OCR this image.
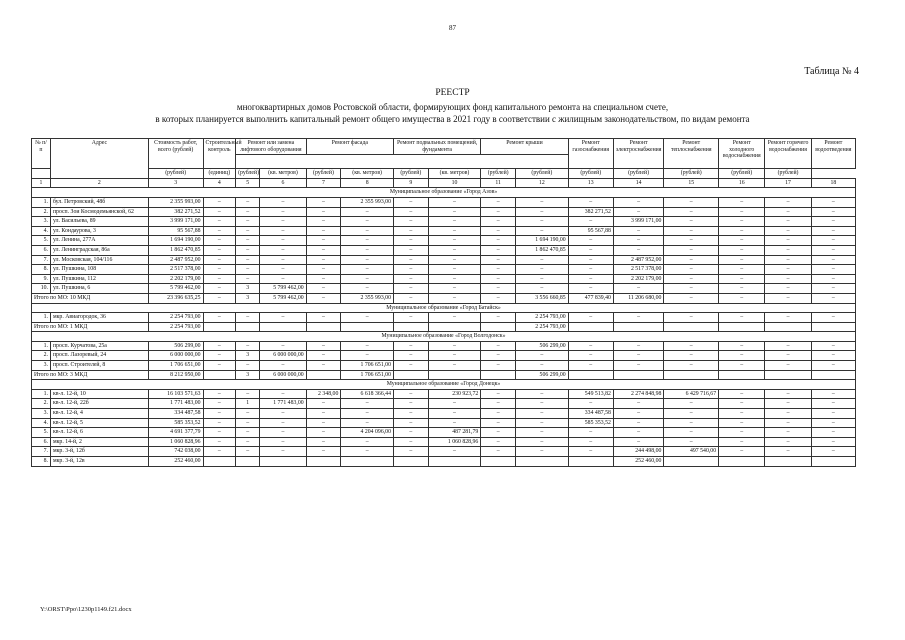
87
Таблица № 4
РЕЕСТР
многоквартирных домов Ростовской области, формирующих фонд капитального ремонта на специальном счете,
в которых планируется выполнить капитальный ремонт общего имущества в 2021 году в соответствии с жилищным законодательством, по видам ремонта
№ п/п	Адрес	Стоимость работ, всего (рублей)	Строительный контроль	Ремонт или замена лифтового оборудования		Ремонт фасада		Ремонт подвальных помещений, фундамента		Ремонт крыши		Ремонт газоснабжения	Ремонт электроснабжения	Ремонт теплоснабжения	Ремонт холодного водоснабжения	Ремонт горячего водоснабжения	Ремонт водоотведения

		(рублей)	(единиц)	(рублей)	(кв. метров)	(рублей)	(кв. метров)	(рублей)	(кв. метров)	(рублей)	(рублей)	(рублей)	(рублей)	(рублей)	(рублей)	(рублей)	
1	2	3	4	5	6	7	8	9	10	11	12	13	14	15	16	17	18
Муниципальное образование «Город Азов»																	
1.	бул. Петровский, 48б	2 355 993,00	–	–	–	–	2 355 993,00	–	–	–	–	–	–	–	–	–	–
2.	просп. Зои Космодемьянской, 62	382 271,52	–	–	–	–	–	–	–	–	–	382 271,52	–	–	–	–	–
3.	ул. Васильева, 89	3 999 171,00	–	–	–	–	–	–	–	–	–	–	3 999 171,00	–	–	–	–
4.	ул. Кондаурова, 3	95 567,88	–	–	–	–	–	–	–	–	–	95 567,88	–	–	–	–	–
5.	ул. Ленина, 277А	1 694 190,00	–	–	–	–	–	–	–	–	1 694 190,00	–	–	–	–	–	–
6.	ул. Ленинградская, 86а	1 862 470,85	–	–	–	–	–	–	–	–	1 862 470,85	–	–	–	–	–	–
7.	ул. Московская, 104/116	2 487 952,00	–	–	–	–	–	–	–	–	–	–	2 487 952,00	–	–	–	–
8.	ул. Пушкина, 108	2 517 378,00	–	–	–	–	–	–	–	–	–	–	2 517 378,00	–	–	–	–
9.	ул. Пушкина, 112	2 202 179,00	–	–	–	–	–	–	–	–	–	–	2 202 179,00	–	–	–	–
10.	ул. Пушкина, 6	5 799 462,00	–	3	5 799 462,00	–	–	–	–	–	–	–	–	–	–	–	–
Итого по МО: 10 МКД		23 396 635,25	–	3	5 799 462,00	–	2 355 993,00	–	–	–	3 556 660,85	477 839,40	11 206 680,00	–	–	–	–
Муниципальное образование «Город Батайск»																	
1.	мкр. Авиагородок, 36	2 254 793,00	–	–	–	–	–	–	–	–	2 254 793,00	–	–	–	–	–	–
Итого по МО: 1 МКД		2 254 793,00									2 254 793,00						
Муниципальное образование «Город Волгодонск»																	
1.	просп. Курчатова, 25а	506 299,00	–	–	–	–	–	–	–	–	506 299,00	–	–	–	–	–	–
2.	просп. Лазоревый, 24	6 000 000,00	–	3	6 000 000,00	–	–	–	–	–	–	–	–	–	–	–	–
3.	просп. Строителей, 8	1 706 651,00	–	–	–	–	1 706 651,00	–	–	–	–	–	–	–	–	–	–
Итого по МО: 3 МКД		8 212 950,00		3	6 000 000,00		1 706 651,00				506 299,00						
Муниципальное образование «Город Донецк»																	
1.	кв-л. 12-й, 10	16 103 571,63	–	–	–	2 348,00	6 618 366,44	–	230 923,72	–	–	549 513,82	2 274 848,98	6 429 716,67	–	–	–
2.	кв-л. 12-й, 22б	1 771 483,00	–	1	1 771 483,00	–	–	–	–	–	–	–	–	–	–	–	–
3.	кв-л. 12-й, 4	334 487,58	–	–	–	–	–	–	–	–	–	334 487,58	–	–	–	–	–
4.	кв-л. 12-й, 5	585 353,52	–	–	–	–	–	–	–	–	–	585 353,52	–	–	–	–	–
5.	кв-л. 12-й, 6	4 691 377,79	–	–	–	–	4 204 096,00	–	487 281,79	–	–	–	–	–	–	–	–
6.	мкр. 14-й, 2	1 060 828,96	–	–	–	–	–	–	1 060 828,96	–	–	–	–	–	–	–	–
7.	мкр. 3-й, 12б	742 038,00	–	–	–	–	–	–	–	–	–	–	244 498,00	497 540,00	–	–	–
8.	мкр. 3-й, 12в	252 460,00											252 460,00				
Y:\ORST\Ppo\1230p1149.f21.docx
